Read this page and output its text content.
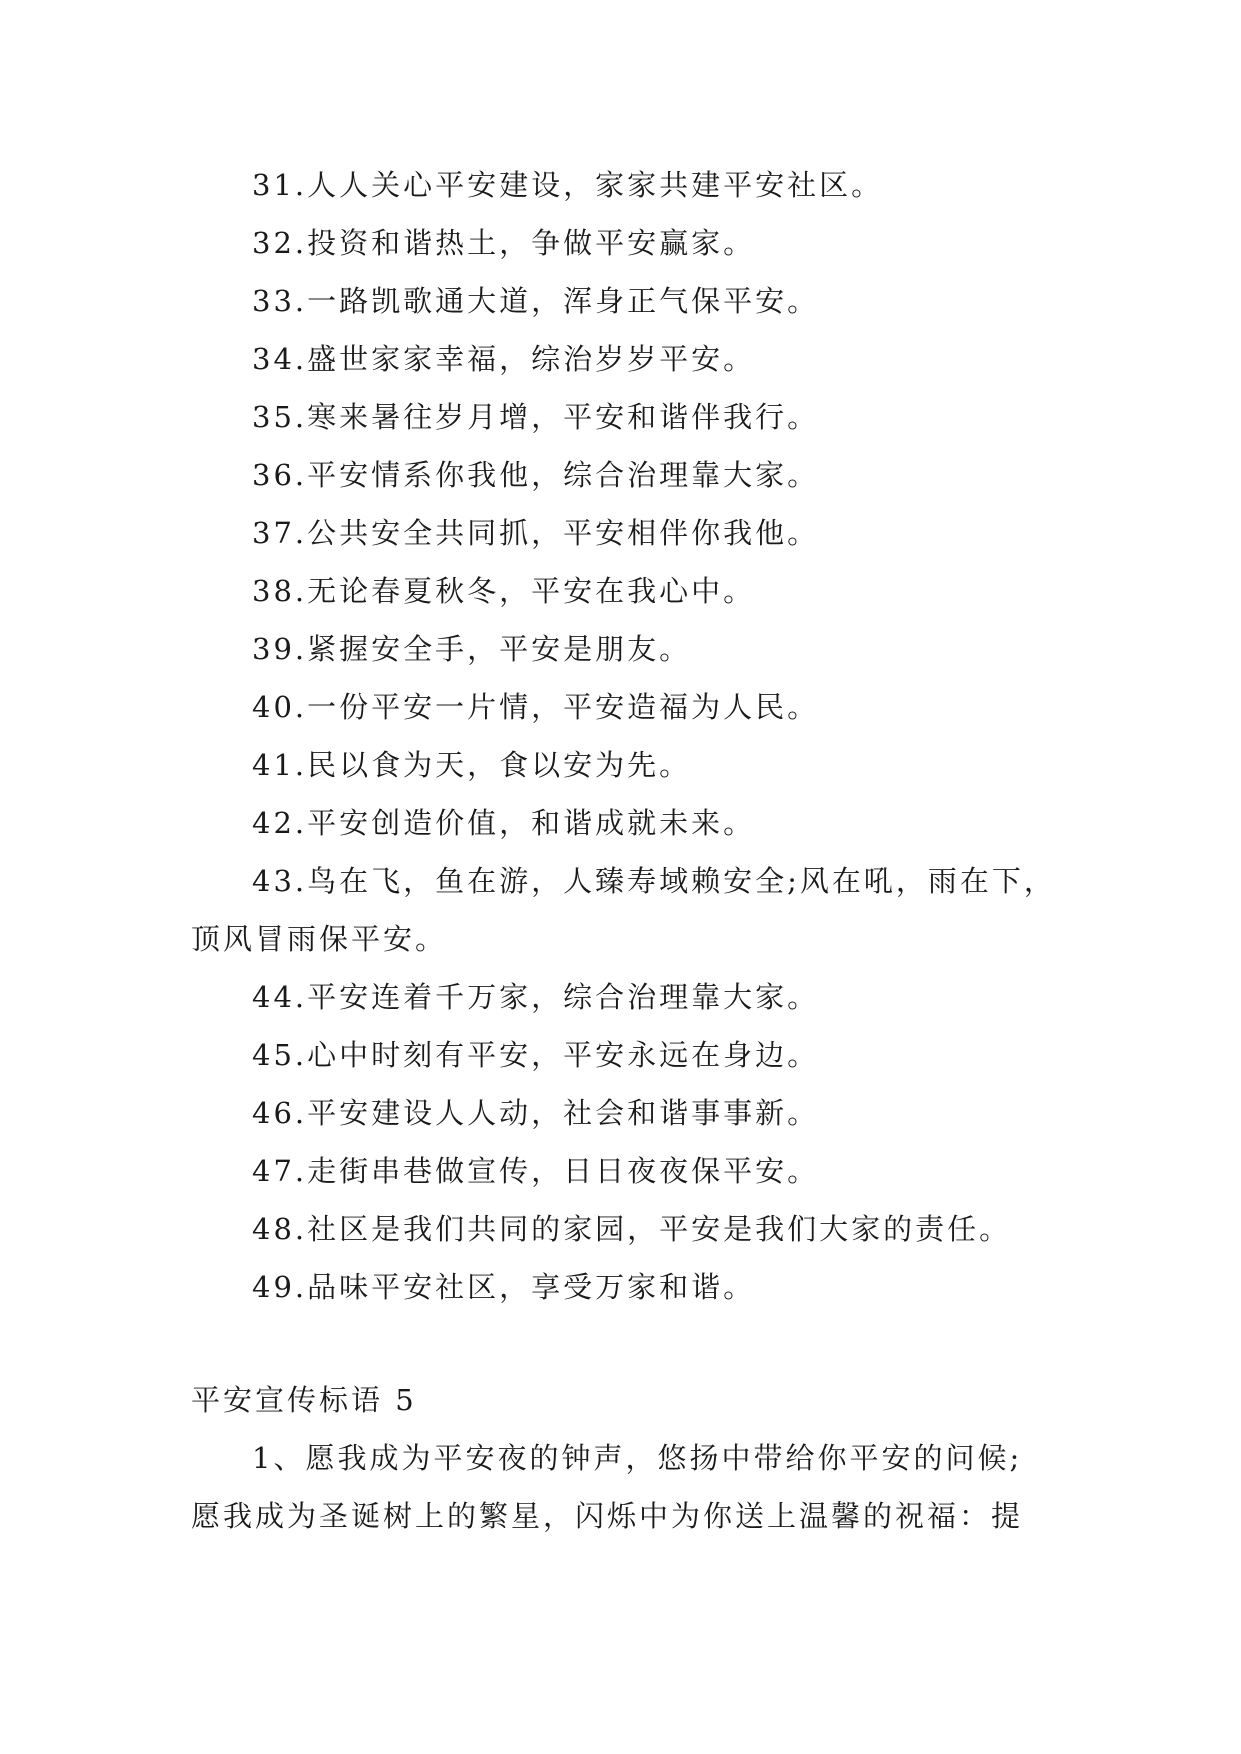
31.人人关心平安建设，家家共建平安社区。
32.投资和谐热土，争做平安赢家。
33.一路凯歌通大道，浑身正气保平安。
34.盛世家家幸福，综治岁岁平安。
35.寒来暑往岁月增，平安和谐伴我行。
36.平安情系你我他，综合治理靠大家。
37.公共安全共同抓，平安相伴你我他。
38.无论春夏秋冬，平安在我心中。
39.紧握安全手，平安是朋友。
40.一份平安一片情，平安造福为人民。
41.民以食为天，食以安为先。
42.平安创造价值，和谐成就未来。
43.鸟在飞，鱼在游，人臻寿域赖安全;风在吼，雨在下，
顶风冒雨保平安。
44.平安连着千万家，综合治理靠大家。
45.心中时刻有平安，平安永远在身边。
46.平安建设人人动，社会和谐事事新。
47.走街串巷做宣传，日日夜夜保平安。
48.社区是我们共同的家园，平安是我们大家的责任。
49.品味平安社区，享受万家和谐。
平安宣传标语 5
1、愿我成为平安夜的钟声，悠扬中带给你平安的问候;
愿我成为圣诞树上的繁星，闪烁中为你送上温馨的祝福：提
